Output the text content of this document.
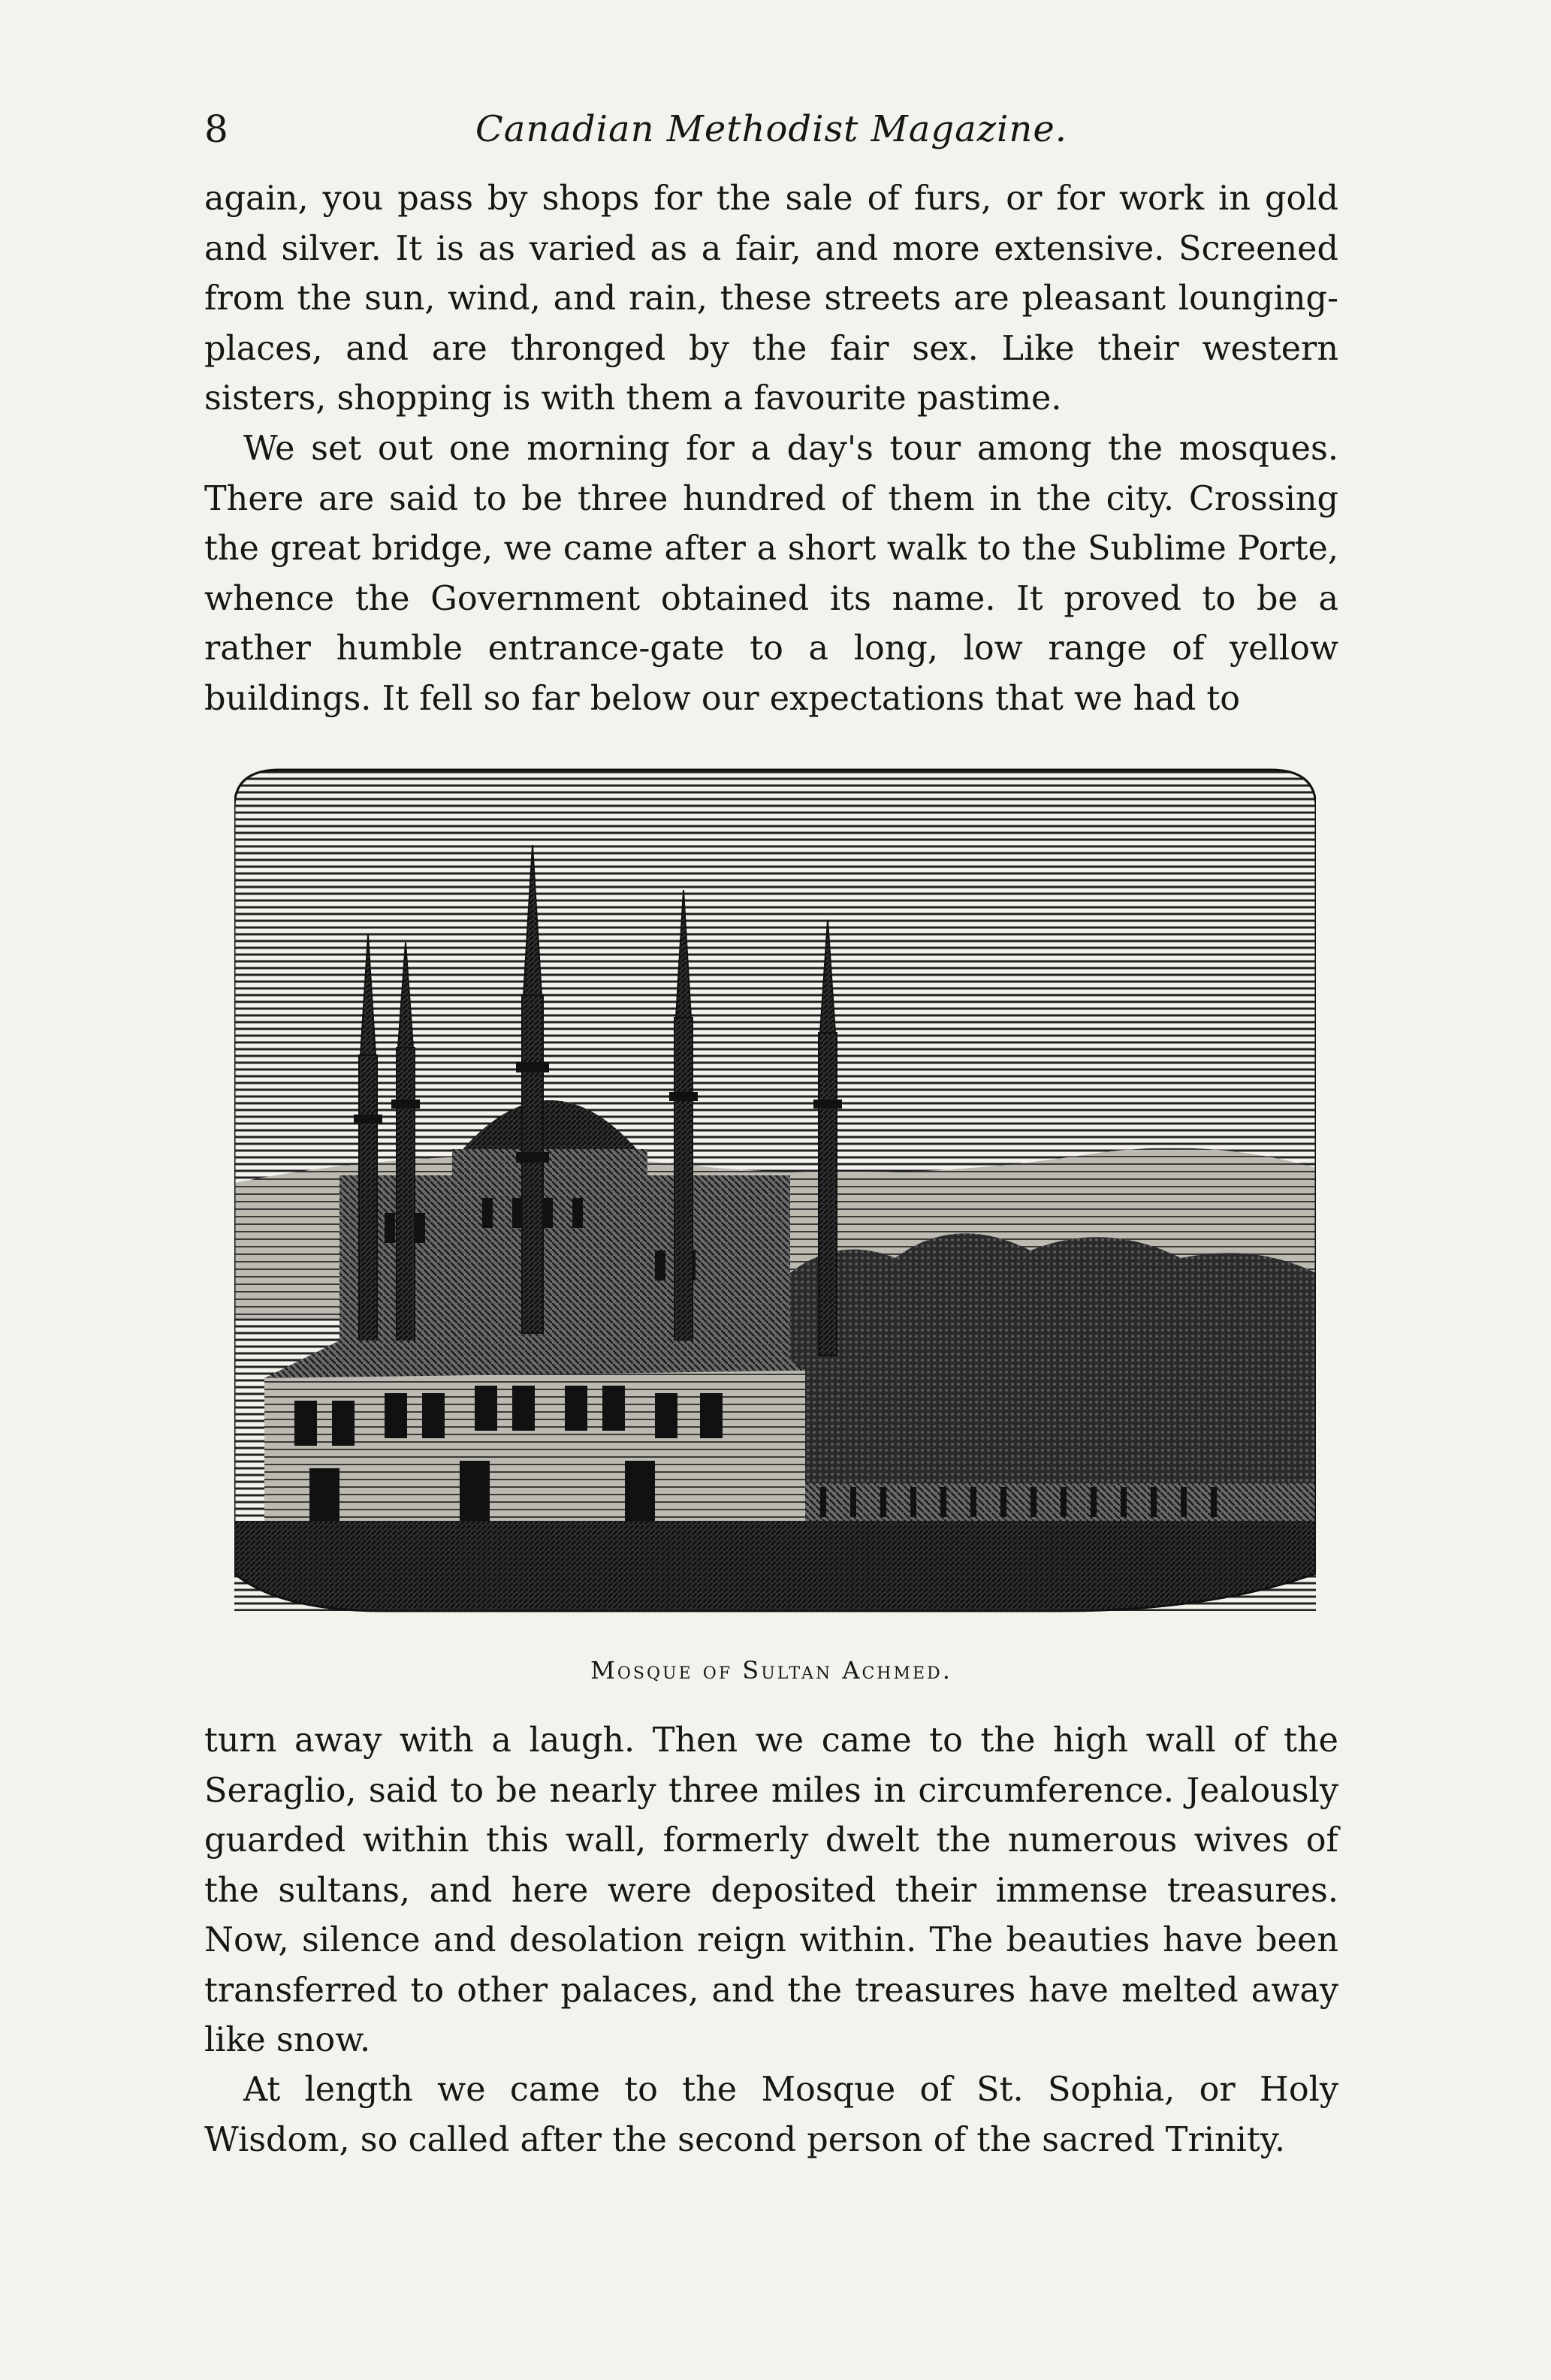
8	Canadian Methodist Magazine.

again, you pass by shops for the sale of furs, or for work in gold and silver. It is as varied as a fair, and more extensive. Screened from the sun, wind, and rain, these streets are pleasant lounging-places, and are thronged by the fair sex. Like their western sisters, shopping is with them a favourite pastime.

We set out one morning for a day's tour among the mosques. There are said to be three hundred of them in the city. Crossing the great bridge, we came after a short walk to the Sublime Porte, whence the Government obtained its name. It proved to be a rather humble entrance-gate to a long, low range of yellow buildings. It fell so far below our expectations that we had to

Mosque of Sultan Achmed.

turn away with a laugh. Then we came to the high wall of the Seraglio, said to be nearly three miles in circumference. Jealously guarded within this wall, formerly dwelt the numerous wives of the sultans, and here were deposited their immense treasures. Now, silence and desolation reign within. The beauties have been transferred to other palaces, and the treasures have melted away like snow.

At length we came to the Mosque of St. Sophia, or Holy Wisdom, so called after the second person of the sacred Trinity.
